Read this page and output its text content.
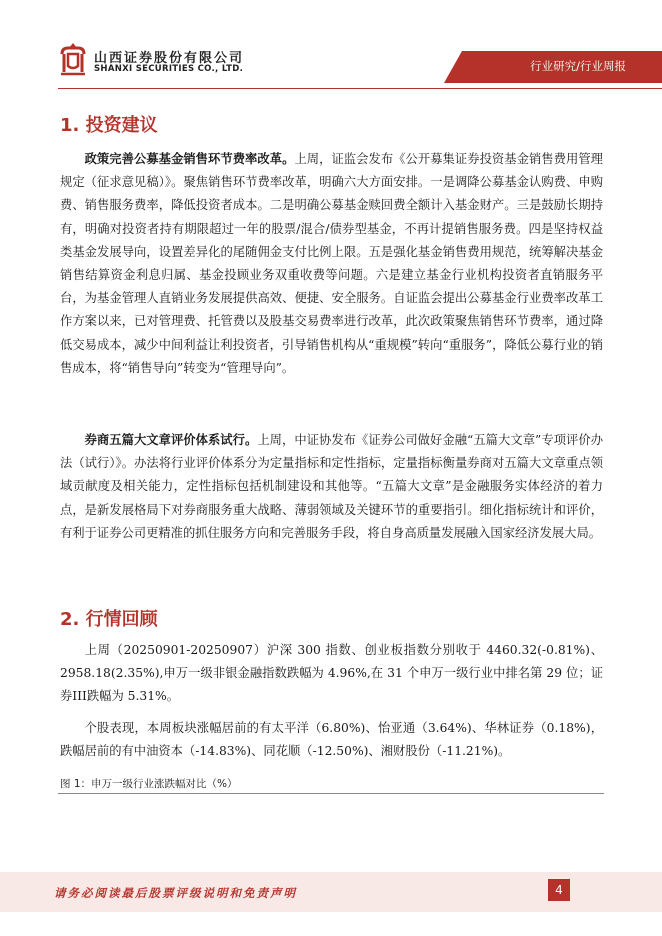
山西证券股份有限公司
SHANXI SECURITIES CO., LTD.	行业研究/行业周报
1. 投资建议

政策完善公募基金销售环节费率改革。上周，证监会发布《公开募集证券投资基金销售费用管理规定（征求意见稿）》。聚焦销售环节费率改革，明确六大方面安排。一是调降公募基金认购费、申购费、销售服务费率，降低投资者成本。二是明确公募基金赎回费全额计入基金财产。三是鼓励长期持有，明确对投资者持有期限超过一年的股票/混合/债券型基金，不再计提销售服务费。四是坚持权益类基金发展导向，设置差异化的尾随佣金支付比例上限。五是强化基金销售费用规范，统筹解决基金销售结算资金利息归属、基金投顾业务双重收费等问题。六是建立基金行业机构投资者直销服务平台，为基金管理人直销业务发展提供高效、便捷、安全服务。自证监会提出公募基金行业费率改革工作方案以来，已对管理费、托管费以及股基交易费率进行改革，此次政策聚焦销售环节费率，通过降低交易成本，减少中间利益让利投资者，引导销售机构从“重规模”转向“重服务”，降低公募行业的销售成本，将“销售导向”转变为“管理导向”。

券商五篇大文章评价体系试行。上周，中证协发布《证券公司做好金融“五篇大文章”专项评价办法（试行）》。办法将行业评价体系分为定量指标和定性指标，定量指标衡量券商对五篇大文章重点领域贡献度及相关能力，定性指标包括机制建设和其他等。“五篇大文章”是金融服务实体经济的着力点，是新发展格局下对券商服务重大战略、薄弱领域及关键环节的重要指引。细化指标统计和评价，有利于证券公司更精准的抓住服务方向和完善服务手段，将自身高质量发展融入国家经济发展大局。

2. 行情回顾

上周（20250901-20250907）沪深 300 指数、创业板指数分别收于 4460.32(-0.81%)、2958.18(2.35%),申万一级非银金融指数跌幅为 4.96%,在 31 个申万一级行业中排名第 29 位；证券III跌幅为 5.31%。

个股表现，本周板块涨幅居前的有太平洋（6.80%)、怡亚通（3.64%)、华林证券（0.18%)，跌幅居前的有中油资本（-14.83%)、同花顺（-12.50%)、湘财股份（-11.21%)。

图 1：申万一级行业涨跌幅对比（%）
请务必阅读最后股票评级说明和免责声明	4
